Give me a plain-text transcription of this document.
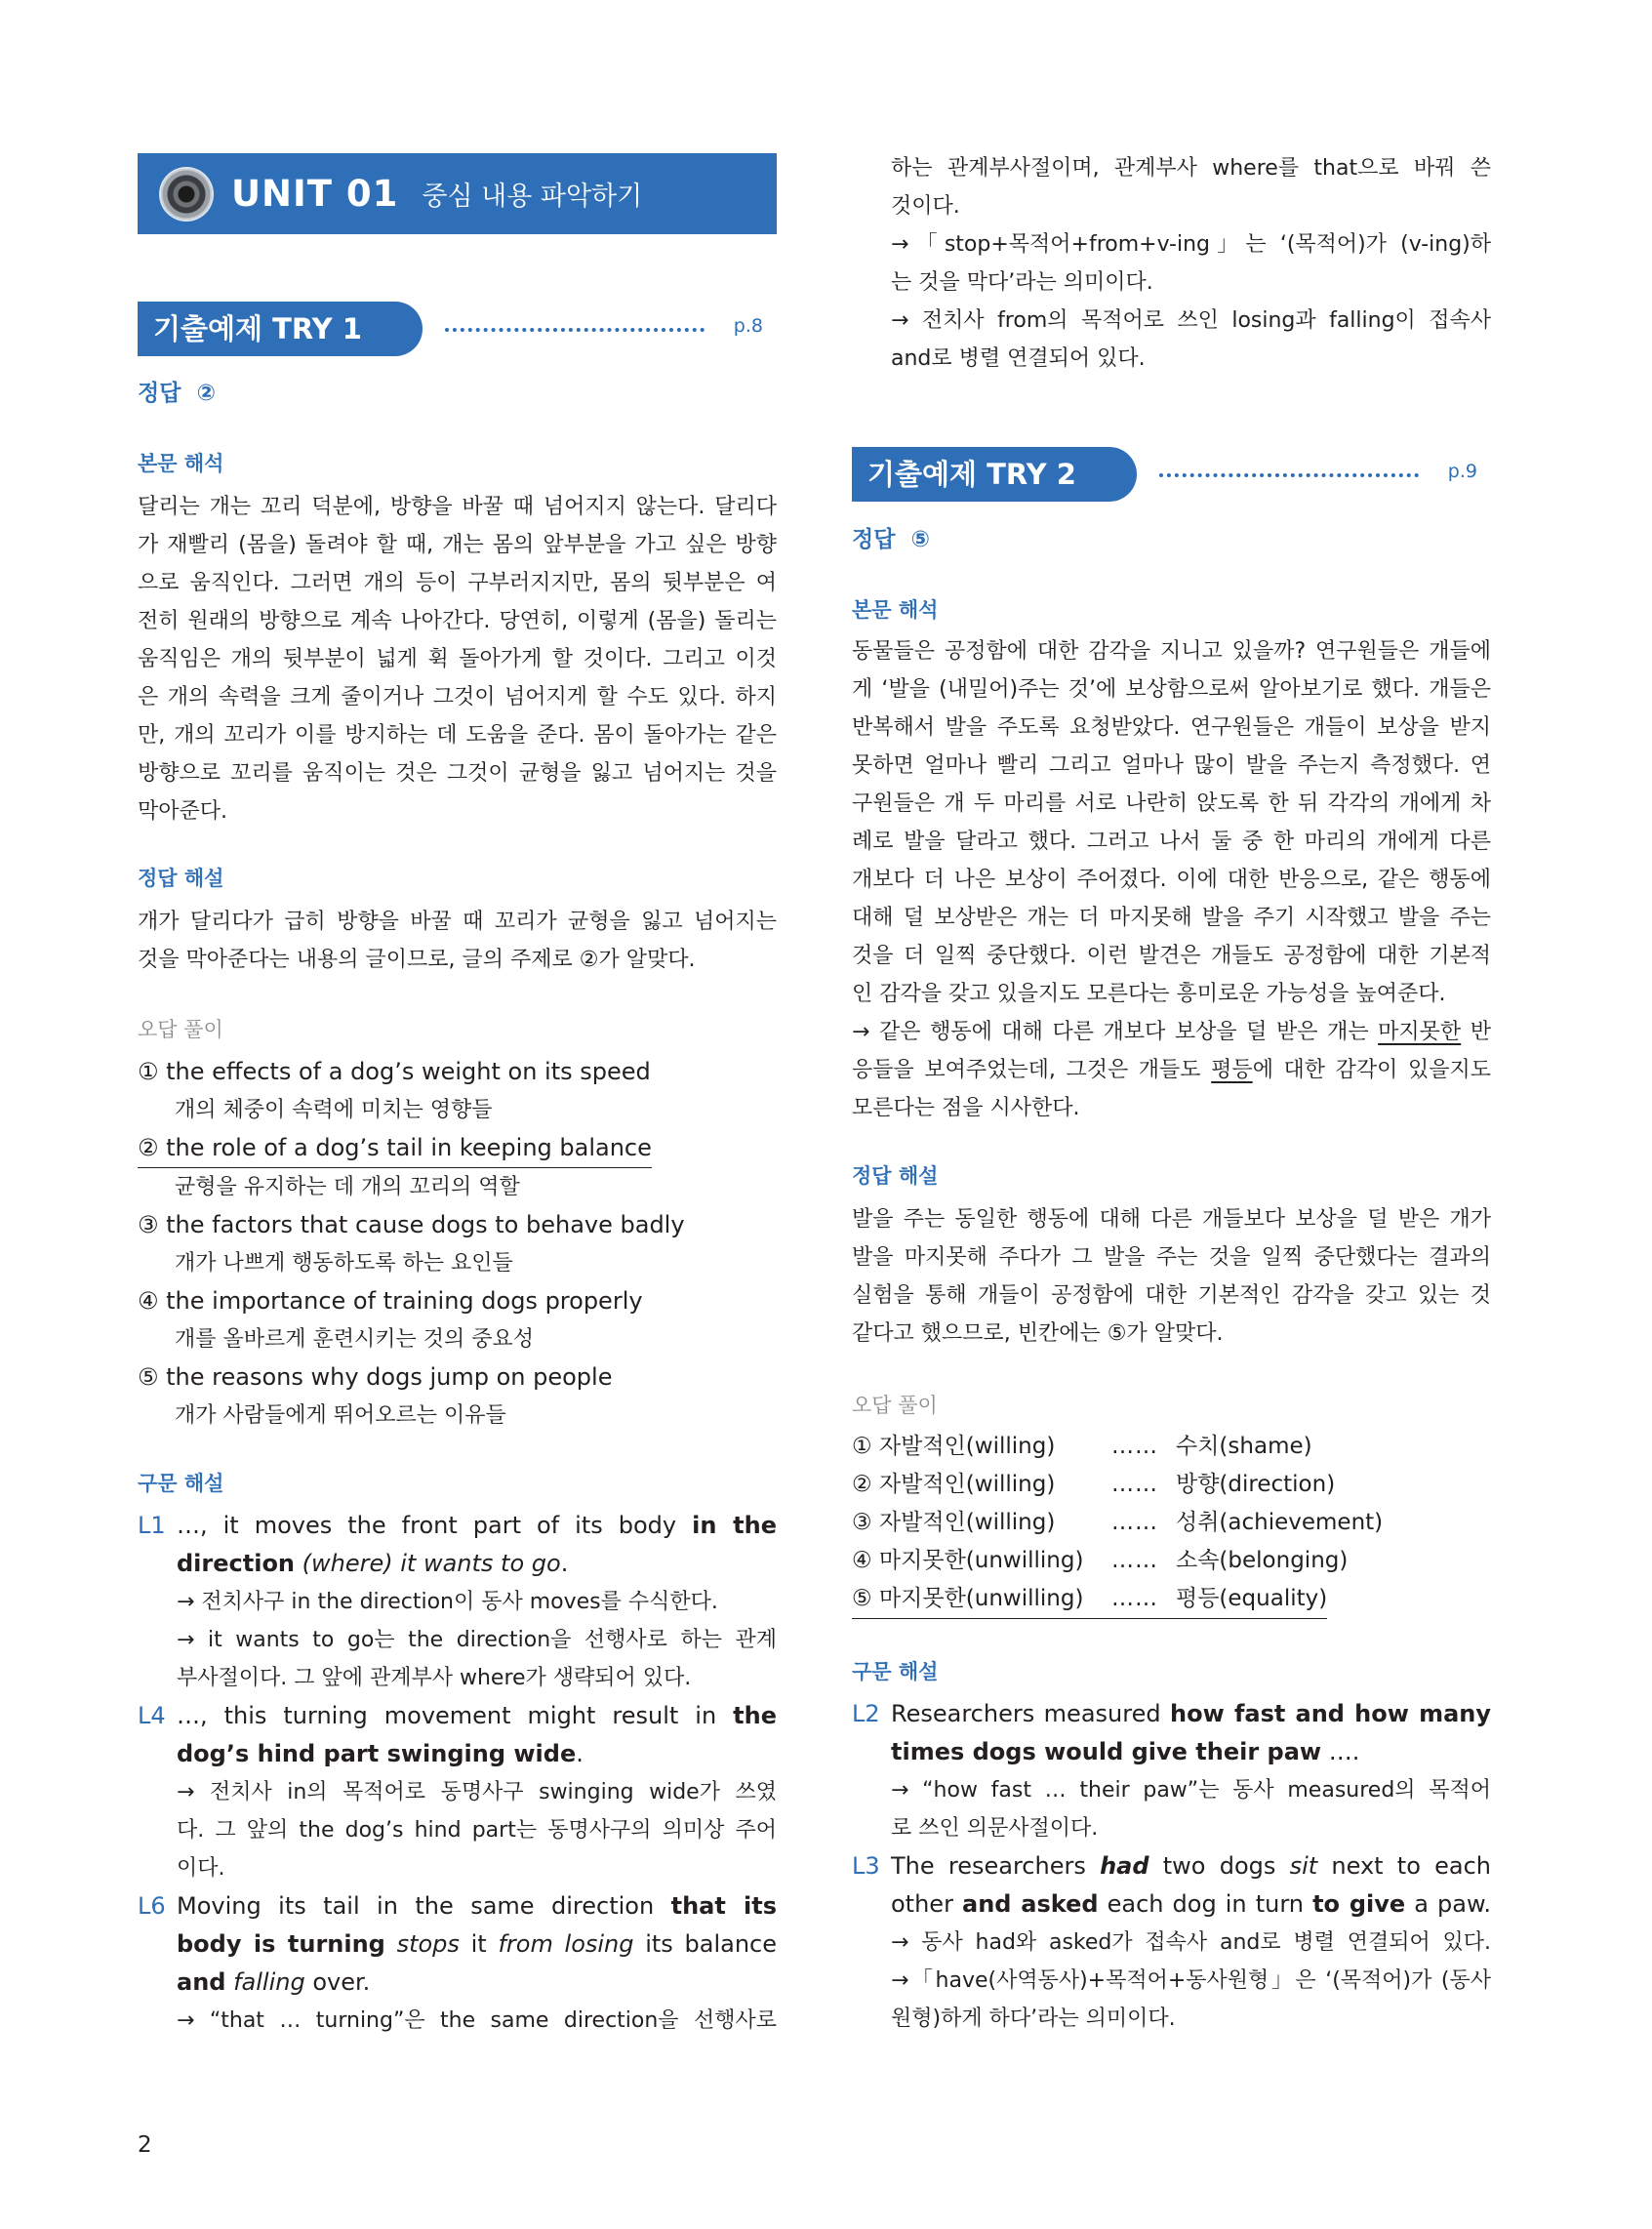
UNIT 01 중심 내용 파악하기
기출예제 TRY 1	p.8
정답 ②
본문 해석
달리는 개는 꼬리 덕분에, 방향을 바꿀 때 넘어지지 않는다. 달리다
가 재빨리 (몸을) 돌려야 할 때, 개는 몸의 앞부분을 가고 싶은 방향
으로 움직인다. 그러면 개의 등이 구부러지지만, 몸의 뒷부분은 여
전히 원래의 방향으로 계속 나아간다. 당연히, 이렇게 (몸을) 돌리는
움직임은 개의 뒷부분이 넓게 휙 돌아가게 할 것이다. 그리고 이것
은 개의 속력을 크게 줄이거나 그것이 넘어지게 할 수도 있다. 하지
만, 개의 꼬리가 이를 방지하는 데 도움을 준다. 몸이 돌아가는 같은
방향으로 꼬리를 움직이는 것은 그것이 균형을 잃고 넘어지는 것을
막아준다.
정답 해설
개가 달리다가 급히 방향을 바꿀 때 꼬리가 균형을 잃고 넘어지는
것을 막아준다는 내용의 글이므로, 글의 주제로 ②가 알맞다.
오답 풀이
① the effects of a dog’s weight on its speed
개의 체중이 속력에 미치는 영향들
② the role of a dog’s tail in keeping balance
균형을 유지하는 데 개의 꼬리의 역할
③ the factors that cause dogs to behave badly
개가 나쁘게 행동하도록 하는 요인들
④ the importance of training dogs properly
개를 올바르게 훈련시키는 것의 중요성
⑤ the reasons why dogs jump on people
개가 사람들에게 뛰어오르는 이유들
구문 해설
L1 …, it moves the front part of its body in the
direction (where) it wants to go.
→ 전치사구 in the direction이 동사 moves를 수식한다.
→ it wants to go는 the direction을 선행사로 하는 관계
부사절이다. 그 앞에 관계부사 where가 생략되어 있다.
L4 …, this turning movement might result in the
dog’s hind part swinging wide.
→ 전치사 in의 목적어로 동명사구 swinging wide가 쓰였
다. 그 앞의 the dog’s hind part는 동명사구의 의미상 주어
이다.
L6 Moving its tail in the same direction that its
body is turning stops it from losing its balance
and falling over.
→ “that … turning”은 the same direction을 선행사로
하는 관계부사절이며, 관계부사 where를 that으로 바꿔 쓴
것이다.
→「stop+목적어+from+v-ing」는 ‘(목적어)가 (v-ing)하
는 것을 막다’라는 의미이다.
→ 전치사 from의 목적어로 쓰인 losing과 falling이 접속사
and로 병렬 연결되어 있다.
기출예제 TRY 2	p.9
정답 ⑤
본문 해석
동물들은 공정함에 대한 감각을 지니고 있을까? 연구원들은 개들에
게 ‘발을 (내밀어)주는 것’에 보상함으로써 알아보기로 했다. 개들은
반복해서 발을 주도록 요청받았다. 연구원들은 개들이 보상을 받지
못하면 얼마나 빨리 그리고 얼마나 많이 발을 주는지 측정했다. 연
구원들은 개 두 마리를 서로 나란히 앉도록 한 뒤 각각의 개에게 차
례로 발을 달라고 했다. 그러고 나서 둘 중 한 마리의 개에게 다른
개보다 더 나은 보상이 주어졌다. 이에 대한 반응으로, 같은 행동에
대해 덜 보상받은 개는 더 마지못해 발을 주기 시작했고 발을 주는
것을 더 일찍 중단했다. 이런 발견은 개들도 공정함에 대한 기본적
인 감각을 갖고 있을지도 모른다는 흥미로운 가능성을 높여준다.
→ 같은 행동에 대해 다른 개보다 보상을 덜 받은 개는 마지못한 반
응들을 보여주었는데, 그것은 개들도 평등에 대한 감각이 있을지도
모른다는 점을 시사한다.
정답 해설
발을 주는 동일한 행동에 대해 다른 개들보다 보상을 덜 받은 개가
발을 마지못해 주다가 그 발을 주는 것을 일찍 중단했다는 결과의
실험을 통해 개들이 공정함에 대한 기본적인 감각을 갖고 있는 것
같다고 했으므로, 빈칸에는 ⑤가 알맞다.
오답 풀이
① 자발적인(willing)	…… 수치(shame)
② 자발적인(willing)	…… 방향(direction)
③ 자발적인(willing)	…… 성취(achievement)
④ 마지못한(unwilling) …… 소속(belonging)
⑤ 마지못한(unwilling) …… 평등(equality)
구문 해설
L2 Researchers measured how fast and how many
times dogs would give their paw ….
→ “how fast … their paw”는 동사 measured의 목적어
로 쓰인 의문사절이다.
L3 The researchers had two dogs sit next to each
other and asked each dog in turn to give a paw.
→ 동사 had와 asked가 접속사 and로 병렬 연결되어 있다.
→「have(사역동사)+목적어+동사원형」은 ‘(목적어)가 (동사
원형)하게 하다’라는 의미이다.
2
